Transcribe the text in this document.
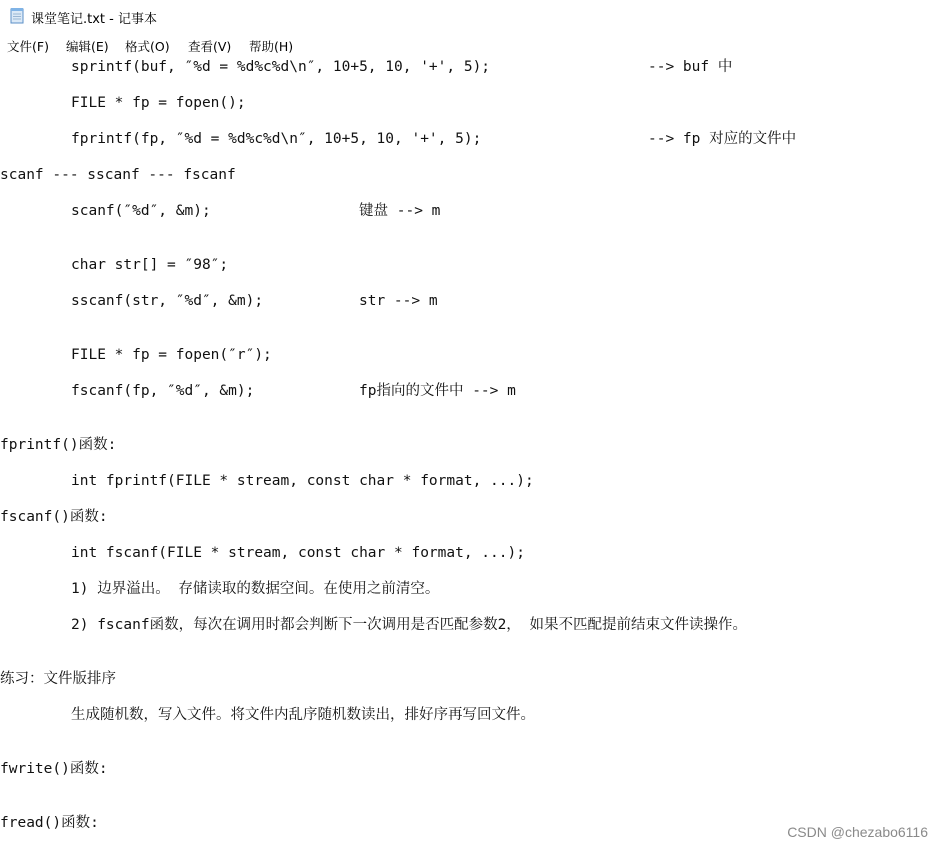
课堂笔记.txt - 记事本
文件(F) 编辑(E) 格式(O) 查看(V) 帮助(H)
sprintf(buf, ″%d = %d%c%d\n″, 10+5, 10, '+', 5);	--> buf 中
FILE * fp = fopen();
fprintf(fp, ″%d = %d%c%d\n″, 10+5, 10, '+', 5);	--> fp 对应的文件中
scanf --- sscanf --- fscanf
scanf(″%d″, &m);	键盘 --> m
char str[] = ″98″;
sscanf(str, ″%d″, &m);	str --> m
FILE * fp = fopen(″r″);
fscanf(fp, ″%d″, &m);	fp指向的文件中 --> m
fprintf()函数:
int fprintf(FILE * stream, const char * format, ...);
fscanf()函数:
int fscanf(FILE * stream, const char * format, ...);
1) 边界溢出。 存储读取的数据空间。在使用之前清空。
2) fscanf函数，每次在调用时都会判断下一次调用是否匹配参数2， 如果不匹配提前结束文件读操作。
练习：文件版排序
生成随机数，写入文件。将文件内乱序随机数读出，排好序再写回文件。
fwrite()函数:
fread()函数:
CSDN @chezabo6116
